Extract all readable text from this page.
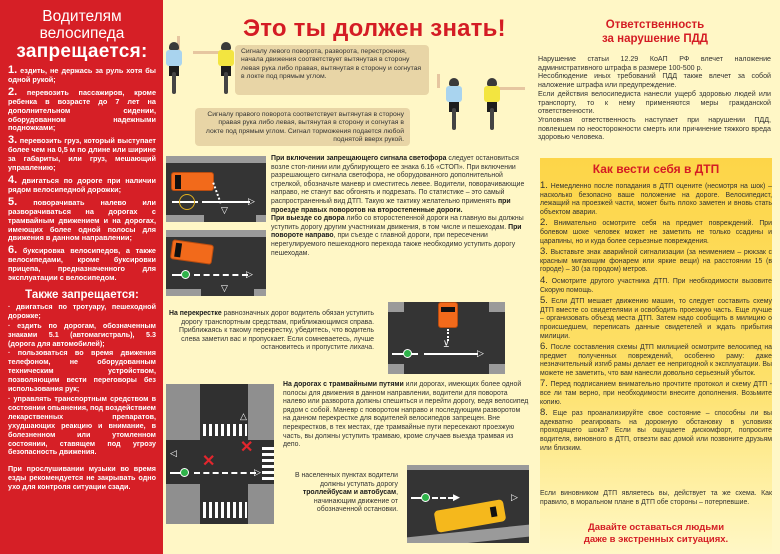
Водителям
велосипеда
запрещается:
1. ездить, не держась за руль хотя бы одной рукой;
2. перевозить пассажиров, кроме ребенка в возрасте до 7 лет на дополнительном сидении, оборудованном надежными подножками;
3. перевозить груз, который выступает более чем на 0,5 м по длине или ширине за габариты, или груз, мешающий управлению;
4. двигаться по дороге при наличии рядом велосипедной дорожки;
5. поворачивать налево или разворачиваться на дорогах с трамвайным движением и на дорогах, имеющих более одной полосы для движения в данном направлении;
6. буксировка велосипедов, а также велосипедами, кроме буксировки прицепа, предназначенного для эксплуатации с велосипедом.
Также запрещается:
· двигаться по тротуару, пешеходной дорожке;
· ездить по дорогам, обозначенным знаками 5.1 (автомагистраль), 5.3 (дорога для автомобилей);
· пользоваться во время движения телефоном, не оборудованным техническим устройством, позволяющим вести переговоры без использования рук;
· управлять транспортным средством в состоянии опьянения, под воздействием лекарственных препаратов, ухудшающих реакцию и внимание, в болезненном или утомленном состоянии, ставящем под угрозу безопасность движения.
При прослушивании музыки во время езды рекомендуется не закрывать одно ухо для контроля ситуации сзади.
Это ты должен знать!
Сигналу левого поворота, разворота, перестроения, начала движения соответствует вытянутая в сторону левая рука либо правая, вытянутая в сторону и согнутая в локте под прямым углом.
Сигналу правого поворота соответствует вытянутая в сторону правая рука либо левая, вытянутая в сторону и согнутая в локте под прямым углом. Сигнал торможения подается любой поднятой вверх рукой.
▷
▽
▷
▽
При включении запрещающего сигнала светофора следует остановиться возле стоп-линии или дублирующего ее знака 6.16 «СТОП». При включении разрешающего сигнала светофора, не оборудованного дополнительной стрелкой, обозначьте маневр и сместитесь левее. Водители, поворачивающие направо, не станут вас обгонять и подрезать. По статистике – это самый распространенный вид ДТП. Такую же тактику желательно применять при проезде правых поворотов на второстепенные дороги.
При выезде со двора либо со второстепенной дороги на главную вы должны уступить дорогу другим участникам движения, в том числе и пешеходам. При повороте направо, при съезде с главной дороги, при пересечении нерегулируемого пешеходного перехода также необходимо уступить дорогу пешеходам.
⊻
▷
На перекрестке равнозначных дорог водитель обязан уступить дорогу транспортным средствам, приближающимся справа. Приближаясь к такому перекрестку, убедитесь, что водитель слева заметил вас и пропускает. Если сомневаетесь, лучше остановитесь и пропустите лихача.
✕
✕
▷
◁
△
На дорогах с трамвайными путями или дорогах, имеющих более одной полосы для движения в данном направлении, водители для поворота налево или разворота должны спешиться и перейти дорогу, ведя велосипед рядом с собой. Маневр с поворотом направо и последующим разворотом на данном перекрестке для водителей велосипедов запрещен. Вне перекрестков, в тех местах, где трамвайные пути пересекают проезжую часть, вы должны уступить трамваю, кроме случаев выезда трамвая из депо.
▶	▷
В населенных пунктах водители должны уступать дорогу троллейбусам и автобусам, начинающим движение от обозначенной остановки.
Ответственность
за нарушение ПДД
Нарушение статьи 12.29 КоАП РФ влечет наложение административного штрафа в размере 100-500 р.
Несоблюдение иных требований ПДД также влечет за собой наложение штрафа или предупреждение.
Если действия велосипедиста нанесли ущерб здоровью людей или транспорту, то к нему применяются меры гражданской ответственности.
Уголовная ответственность наступает при нарушении ПДД, повлекшем по неосторожности смерть или причинение тяжкого вреда здоровью человека.
Как вести себя в ДТП
1. Немедленно после попадания в ДТП оцените (несмотря на шок) – насколько безопасно ваше положение на дороге. Велосипедист, лежащий на проезжей части, может быть плохо заметен и вновь стать объектом аварии.
2. Внимательно осмотрите себя на предмет повреждений. При болевом шоке человек может не заметить не только ссадины и царапины, но и куда более серьезные повреждения.
3. Выставьте знак аварийной сигнализации (за неимением – рюкзак с красным мигающим фонарем или яркие вещи) на расстоянии 15 (в городе) – 30 (за городом) метров.
4. Осмотрите другого участника ДТП. При необходимости вызовите Скорую помощь.
5. Если ДТП мешает движению машин, то следует составить схему ДТП вместе со свидетелями и освободить проезжую часть. Еще лучше – организовать объезд места ДТП. Затем надо сообщить в милицию о происшедшем, переписать данные свидетелей и ждать прибытия милиции.
6. После составления схемы ДТП милицией осмотрите велосипед на предмет полученных повреждений, особенно раму: даже незначительный изгиб рамы делает ее непригодной к эксплуатации. Вы можете не заметить, что вам нанесли довольно серьезный убыток.
7. Перед подписанием внимательно прочтите протокол и схему ДТП - все ли там верно, при необходимости внесите дополнения. Возьмите копию.
8. Еще раз проанализируйте свое состояние – способны ли вы адекватно реагировать на дорожную обстановку в условиях проходящего шока? Если вы ощущаете дискомфорт, попросите водителя, виновного в ДТП, отвезти вас домой или позвоните друзьям или близким.
Если виновником ДТП являетесь вы, действует та же схема. Как правило, в моральном плане в ДТП обе стороны – потерпевшие.
Давайте оставаться людьми
даже в экстренных ситуациях.
